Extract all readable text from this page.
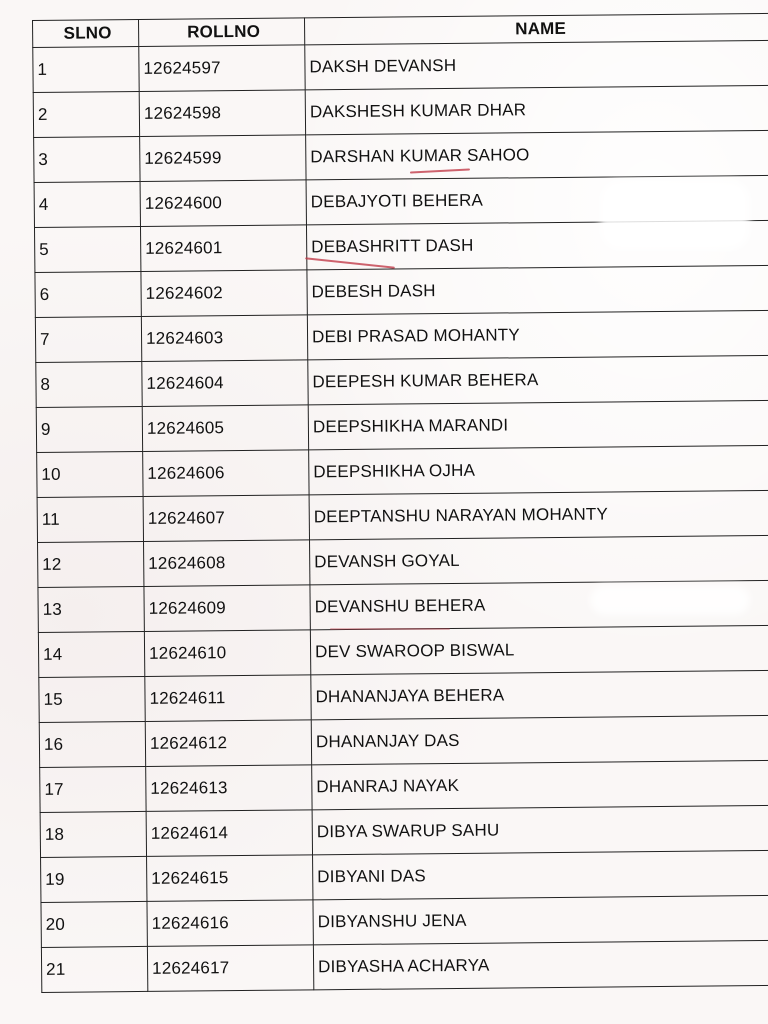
SLNO	ROLLNO	NAME
1	12624597	DAKSH DEVANSH
2	12624598	DAKSHESH KUMAR DHAR
3	12624599	DARSHAN KUMAR SAHOO
4	12624600	DEBAJYOTI BEHERA
5	12624601	DEBASHRITT DASH
6	12624602	DEBESH DASH
7	12624603	DEBI PRASAD MOHANTY
8	12624604	DEEPESH KUMAR BEHERA
9	12624605	DEEPSHIKHA MARANDI
10	12624606	DEEPSHIKHA OJHA
11	12624607	DEEPTANSHU NARAYAN MOHANTY
12	12624608	DEVANSH GOYAL
13	12624609	DEVANSHU BEHERA
14	12624610	DEV SWAROOP BISWAL
15	12624611	DHANANJAYA BEHERA
16	12624612	DHANANJAY DAS
17	12624613	DHANRAJ NAYAK
18	12624614	DIBYA SWARUP SAHU
19	12624615	DIBYANI DAS
20	12624616	DIBYANSHU JENA
21	12624617	DIBYASHA ACHARYA
